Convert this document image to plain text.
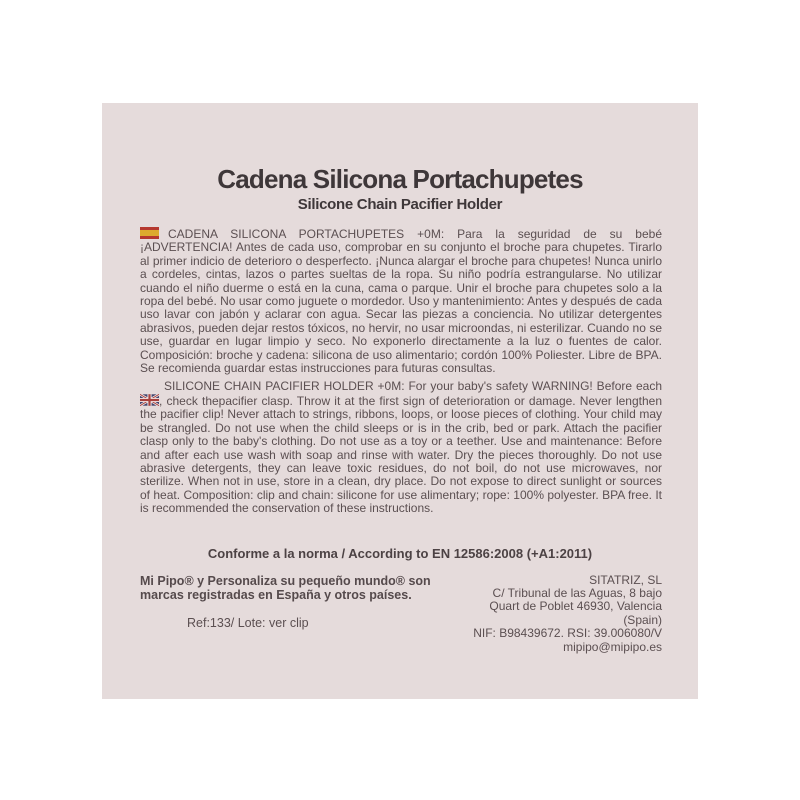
Cadena Silicona Portachupetes
Silicone Chain Pacifier Holder

CADENA SILICONA PORTACHUPETES +0M: Para la seguridad de su bebé ¡ADVERTENCIA! Antes de cada uso, comprobar en su conjunto el broche para chupetes. Tirarlo al primer indicio de deterioro o desperfecto. ¡Nunca alargar el broche para chupetes! Nunca unirlo a cordeles, cintas, lazos o partes sueltas de la ropa. Su niño podría estrangularse. No utilizar cuando el niño duerme o está en la cuna, cama o parque. Unir el broche para chupetes solo a la ropa del bebé. No usar como juguete o mordedor. Uso y mantenimiento: Antes y después de cada uso lavar con jabón y aclarar con agua. Secar las piezas a conciencia. No utilizar detergentes abrasivos, pueden dejar restos tóxicos, no hervir, no usar microondas, ni esterilizar. Cuando no se use, guardar en lugar limpio y seco. No exponerlo directamente a la luz o fuentes de calor. Composición: broche y cadena: silicona de uso alimentario; cordón 100% Poliester. Libre de BPA. Se recomienda guardar estas instrucciones para futuras consultas.

SILICONE CHAIN PACIFIER HOLDER +0M: For your baby's safety WARNING! Before each
, check thepacifier clasp. Throw it at the first sign of deterioration or damage. Never lengthen the pacifier clip! Never attach to strings, ribbons, loops, or loose pieces of clothing. Your child may be strangled. Do not use when the child sleeps or is in the crib, bed or park. Attach the pacifier clasp only to the baby's clothing. Do not use as a toy or a teether. Use and maintenance: Before and after each use wash with soap and rinse with water. Dry the pieces thoroughly. Do not use abrasive detergents, they can leave toxic residues, do not boil, do not use microwaves, nor sterilize. When not in use, store in a clean, dry place. Do not expose to direct sunlight or sources of heat. Composition: clip and chain: silicone for use alimentary; rope: 100% polyester. BPA free. It is recommended the conservation of these instructions.

Conforme a la norma / According to EN 12586:2008 (+A1:2011)
Mi Pipo® y Personaliza su pequeño mundo® son
marcas registradas en España y otros países.
Ref:133/ Lote: ver clip
SITATRIZ, SL
C/ Tribunal de las Aguas, 8 bajo
Quart de Poblet 46930, Valencia (Spain)
NIF: B98439672. RSI: 39.006080/V
mipipo@mipipo.es
